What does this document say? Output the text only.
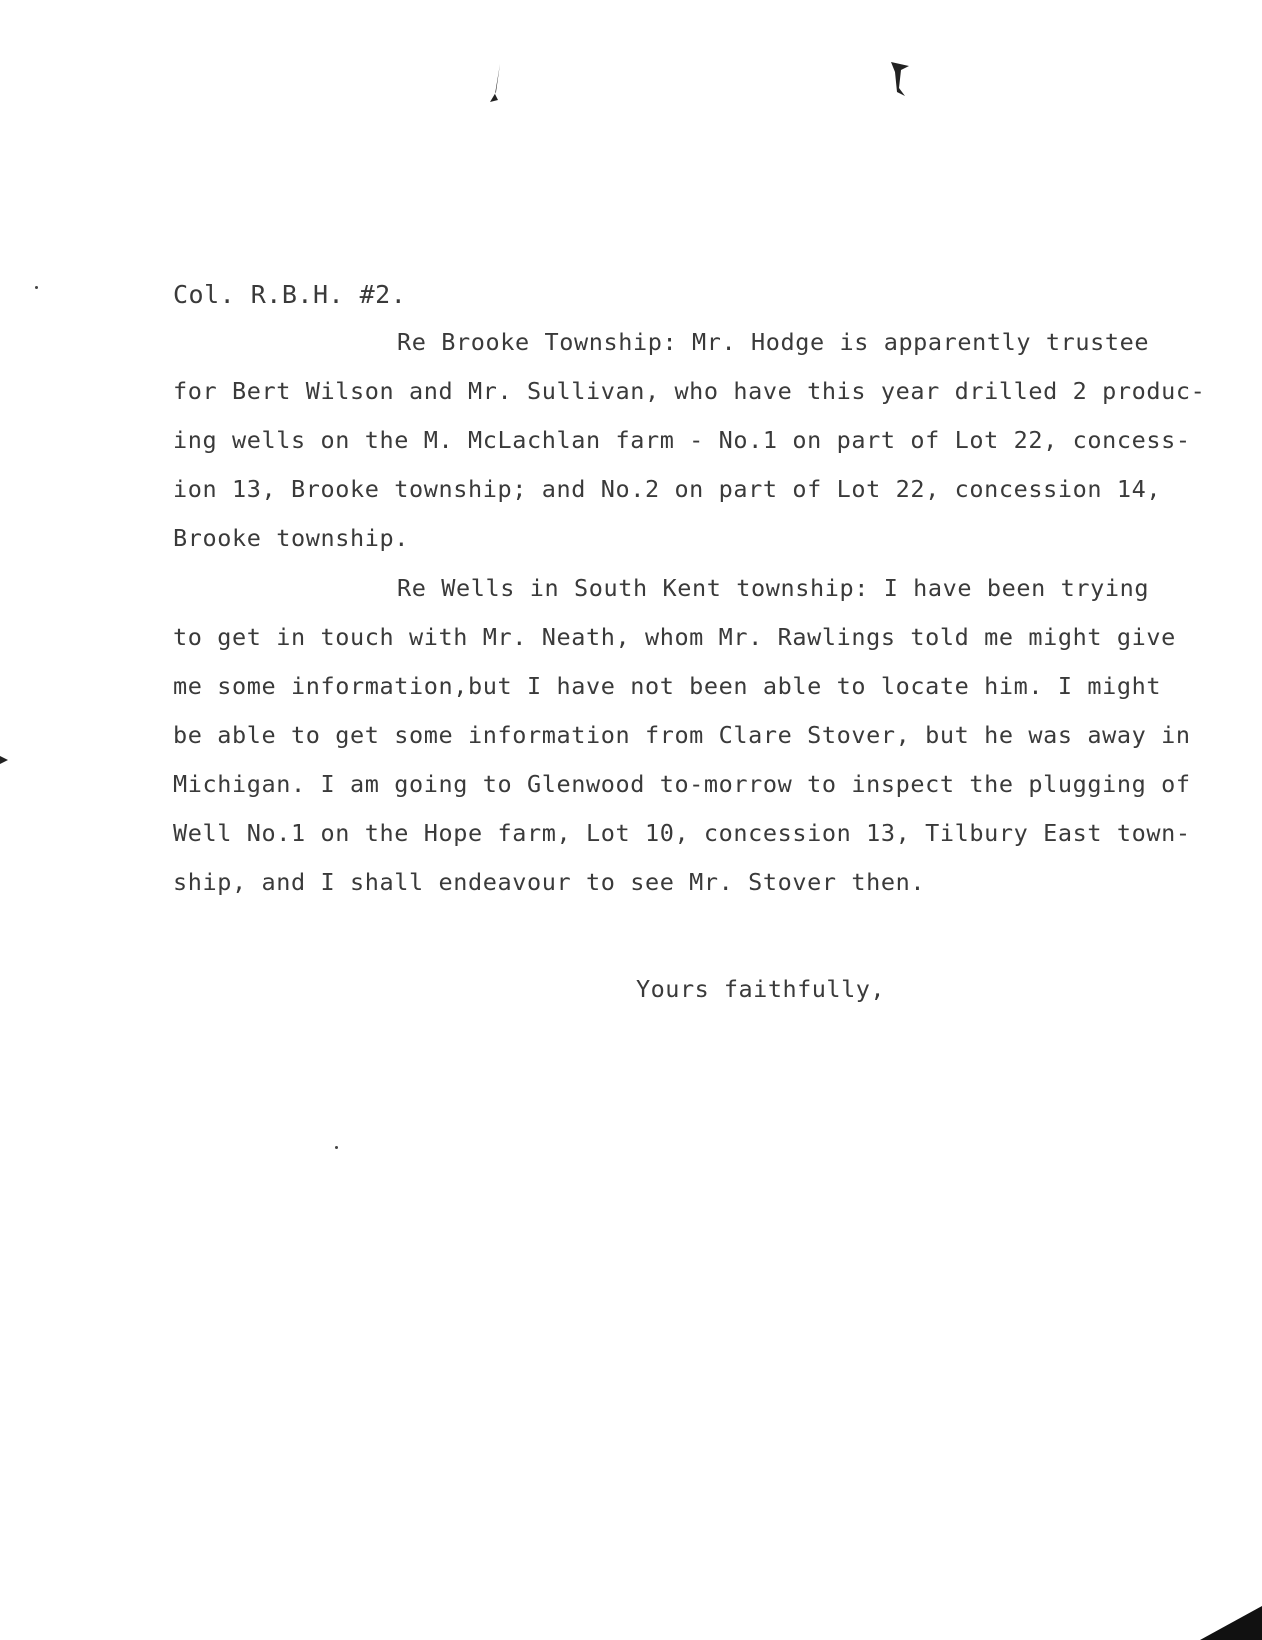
Col. R.B.H. #2.
Re Brooke Township: Mr. Hodge is apparently trustee
for Bert Wilson and Mr. Sullivan, who have this year drilled 2 produc-
ing wells on the M. McLachlan farm - No.1 on part of Lot 22, concess-
ion 13, Brooke township; and No.2 on part of Lot 22, concession 14,
Brooke township.
Re Wells in South Kent township: I have been trying
to get in touch with Mr. Neath, whom Mr. Rawlings told me might give
me some information,but I have not been able to locate him. I might
be able to get some information from Clare Stover, but he was away in
Michigan. I am going to Glenwood to-morrow to inspect the plugging of
Well No.1 on the Hope farm, Lot 10, concession 13, Tilbury East town-
ship, and I shall endeavour to see Mr. Stover then.
Yours faithfully,
